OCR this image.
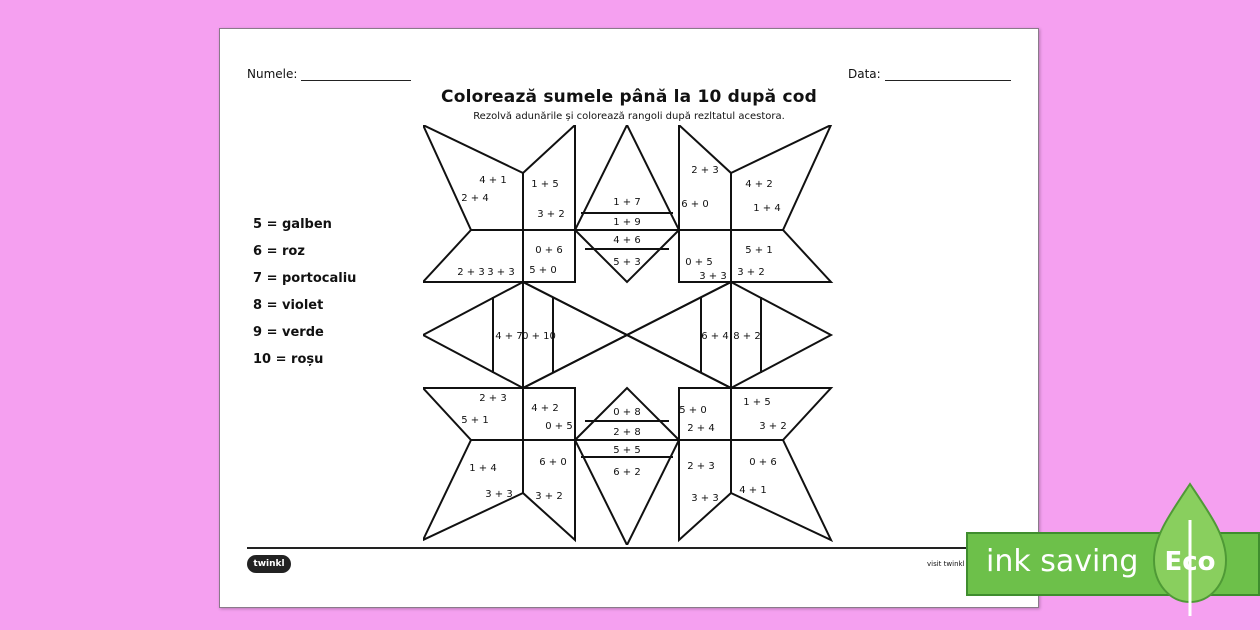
Numele:	Data:
Colorează sumele până la 10 după cod
Rezolvă adunările și colorează rangoli după rezltatul acestora.
5 = galben
6 = roz
7 = portocaliu
8 = violet
9 = verde
10 = roșu
4 + 1
2 + 4
1 + 5
3 + 2
2 + 3
6 + 0
4 + 2
1 + 4
1 + 7
1 + 9
4 + 6
5 + 3
2 + 3 3 + 3
0 + 6
5 + 0
0 + 5
3 + 3
5 + 1
3 + 2
4 + 7 0 + 10	6 + 4 8 + 2
2 + 3
5 + 1
4 + 2
0 + 5
5 + 0
2 + 4
1 + 5
3 + 2
0 + 8
2 + 8
5 + 5
6 + 2
1 + 4
3 + 3
6 + 0
3 + 2
2 + 3
3 + 3
0 + 6
4 + 1
twinkl	visit twinkl ink saving Eco
